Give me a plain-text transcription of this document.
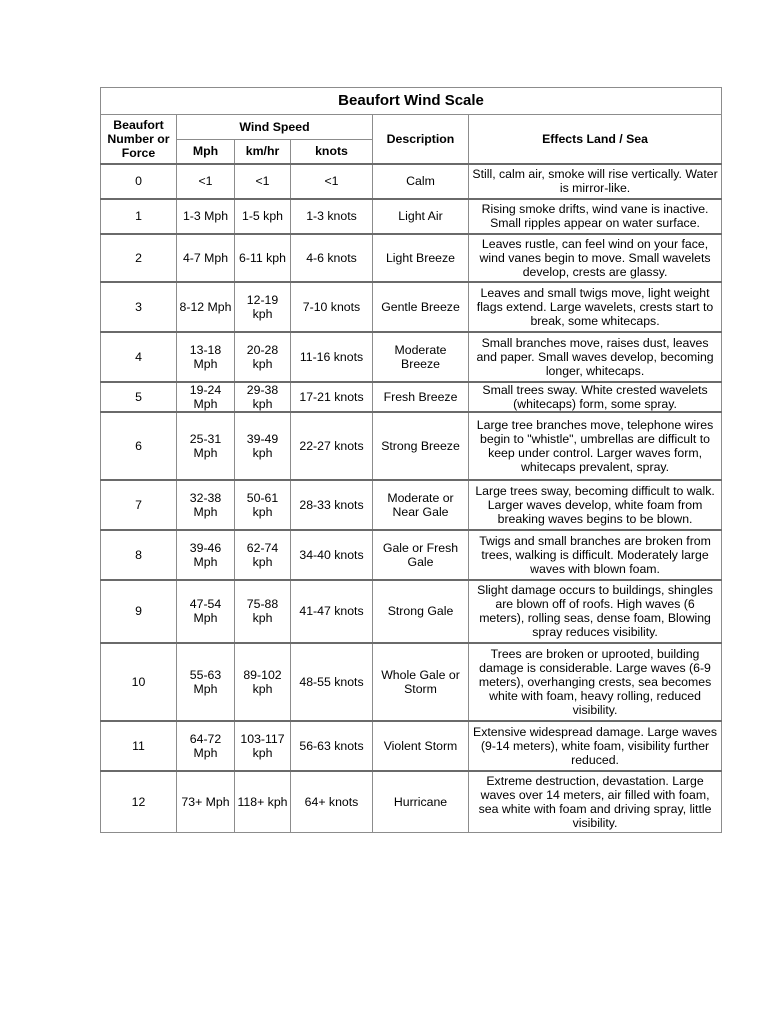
Beaufort Wind Scale					
Beaufort Number or Force	Wind Speed			Description	Effects Land / Sea
	Mph	km/hr	knots		
0	<1	<1	<1	Calm	Still, calm air, smoke will rise vertically. Water is mirror-like.
1	1-3 Mph	1-5 kph	1-3 knots	Light Air	Rising smoke drifts, wind vane is inactive. Small ripples appear on water surface.
2	4-7 Mph	6-11 kph	4-6 knots	Light Breeze	Leaves rustle, can feel wind on your face, wind vanes begin to move. Small wavelets develop, crests are glassy.
3	8-12 Mph	12-19 kph	7-10 knots	Gentle Breeze	Leaves and small twigs move, light weight flags extend. Large wavelets, crests start to break, some whitecaps.
4	13-18 Mph	20-28 kph	11-16 knots	Moderate Breeze	Small branches move, raises dust, leaves and paper. Small waves develop, becoming longer, whitecaps.
5	19-24 Mph	29-38 kph	17-21 knots	Fresh Breeze	Small trees sway. White crested wavelets (whitecaps) form, some spray.
6	25-31 Mph	39-49 kph	22-27 knots	Strong Breeze	Large tree branches move, telephone wires begin to "whistle", umbrellas are difficult to keep under control. Larger waves form, whitecaps prevalent, spray.
7	32-38 Mph	50-61 kph	28-33 knots	Moderate or Near Gale	Large trees sway, becoming difficult to walk. Larger waves develop, white foam from breaking waves begins to be blown.
8	39-46 Mph	62-74 kph	34-40 knots	Gale or Fresh Gale	Twigs and small branches are broken from trees, walking is difficult. Moderately large waves with blown foam.
9	47-54 Mph	75-88 kph	41-47 knots	Strong Gale	Slight damage occurs to buildings, shingles are blown off of roofs. High waves (6 meters), rolling seas, dense foam, Blowing spray reduces visibility.
10	55-63 Mph	89-102 kph	48-55 knots	Whole Gale or Storm	Trees are broken or uprooted, building damage is considerable. Large waves (6-9 meters), overhanging crests, sea becomes white with foam, heavy rolling, reduced visibility.
11	64-72 Mph	103-117 kph	56-63 knots	Violent Storm	Extensive widespread damage. Large waves (9-14 meters), white foam, visibility further reduced.
12	73+ Mph	118+ kph	64+ knots	Hurricane	Extreme destruction, devastation. Large waves over 14 meters, air filled with foam, sea white with foam and driving spray, little visibility.
